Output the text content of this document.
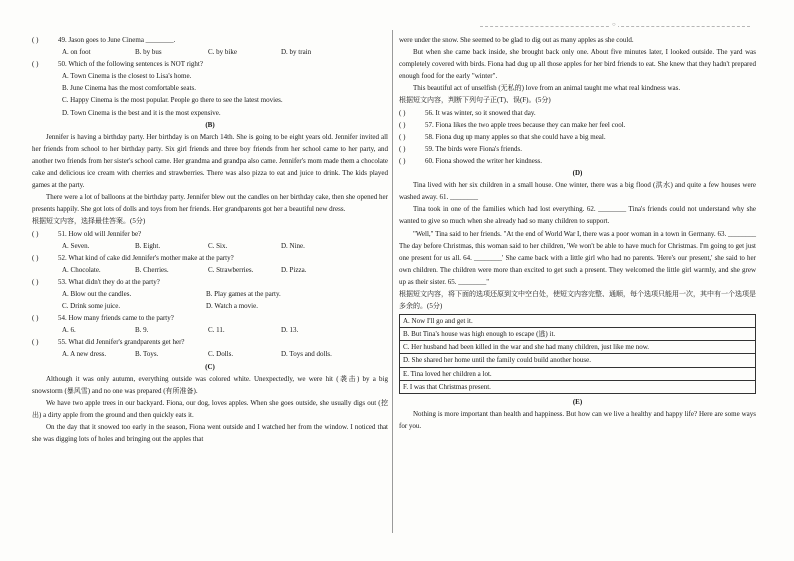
○
( )	49. Jason goes to June Cinema ________.
A. on foot	B. by bus	C. by bike	D. by train
( )	50. Which of the following sentences is NOT right?
A. Town Cinema is the closest to Lisa's home.
B. June Cinema has the most comfortable seats.
C. Happy Cinema is the most popular. People go there to see the latest movies.
D. Town Cinema is the best and it is the most expensive.

(B)

Jennifer is having a birthday party. Her birthday is on March 14th. She is going to be eight years old. Jennifer invited all her friends from school to her birthday party. Six girl friends and three boy friends from her school came to her party, and another two friends from her sister's school came. Her grandma and grandpa also came. Jennifer's mom made them a chocolate cake and delicious ice cream with cherries and strawberries. There was also pizza to eat and juice to drink. The kids played games at the party.

There were a lot of balloons at the birthday party. Jennifer blew out the candles on her birthday cake, then she opened her presents happily. She got lots of dolls and toys from her friends. Her grandparents got her a beautiful new dress.

根据短文内容，选择最佳答案。(5分)

( )	51. How old will Jennifer be?
A. Seven.	B. Eight.	C. Six.	D. Nine.
( )	52. What kind of cake did Jennifer's mother make at the party?
A. Chocolate.	B. Cherries.	C. Strawberries.	D. Pizza.
( )	53. What didn't they do at the party?
A. Blow out the candles.	B. Play games at the party.
C. Drink some juice.	D. Watch a movie.
( )	54. How many friends came to the party?
A. 6.	B. 9.	C. 11.	D. 13.
( )	55. What did Jennifer's grandparents get her?
A. A new dress.	B. Toys.	C. Dolls.	D. Toys and dolls.

(C)

Although it was only autumn, everything outside was colored white. Unexpectedly, we were hit (袭击) by a big snowstorm (暴风雪) and no one was prepared (有所准备).

We have two apple trees in our backyard. Fiona, our dog, loves apples. When she goes outside, she usually digs out (挖出) a dirty apple from the ground and then quickly eats it.

On the day that it snowed too early in the season, Fiona went outside and I watched her from the window. I noticed that she was digging lots of holes and bringing out the apples that

were under the snow. She seemed to be glad to dig out as many apples as she could.

But when she came back inside, she brought back only one. About five minutes later, I looked outside. The yard was completely covered with birds. Fiona had dug up all those apples for her bird friends to eat. She knew that they hadn't prepared enough food for the early "winter".

This beautiful act of unselfish (无私的) love from an animal taught me what real kindness was.

根据短文内容，判断下列句子正(T)、误(F)。(5分)

( )	56. It was winter, so it snowed that day.
( )	57. Fiona likes the two apple trees because they can make her feel cool.
( )	58. Fiona dug up many apples so that she could have a big meal.
( )	59. The birds were Fiona's friends.
( )	60. Fiona showed the writer her kindness.

(D)

Tina lived with her six children in a small house. One winter, there was a big flood (洪水) and quite a few houses were washed away. 61. ________

Tina took in one of the families which had lost everything. 62. ________ Tina's friends could not understand why she wanted to give so much when she already had so many children to support.

"Well," Tina said to her friends. "At the end of World War I, there was a poor woman in a town in Germany. 63. ________ The day before Christmas, this woman said to her children, 'We won't be able to have much for Christmas. I'm going to get just one present for us all. 64. ________' She came back with a little girl who had no parents. 'Here's our present,' she said to her own children. The children were more than excited to get such a present. They welcomed the little girl warmly, and she grew up as their sister. 65. ________"

根据短文内容，将下面的选项还原到文中空白处，使短文内容完整、通顺，每个选项只能用一次，其中有一个选项是多余的。(5分)

A. Now I'll go and get it.
B. But Tina's house was high enough to escape (逃) it.
C. Her husband had been killed in the war and she had many children, just like me now.
D. She shared her home until the family could build another house.
E. Tina loved her children a lot.
F. I was that Christmas present.

(E)

Nothing is more important than health and happiness. But how can we live a healthy and happy life? Here are some ways for you.
